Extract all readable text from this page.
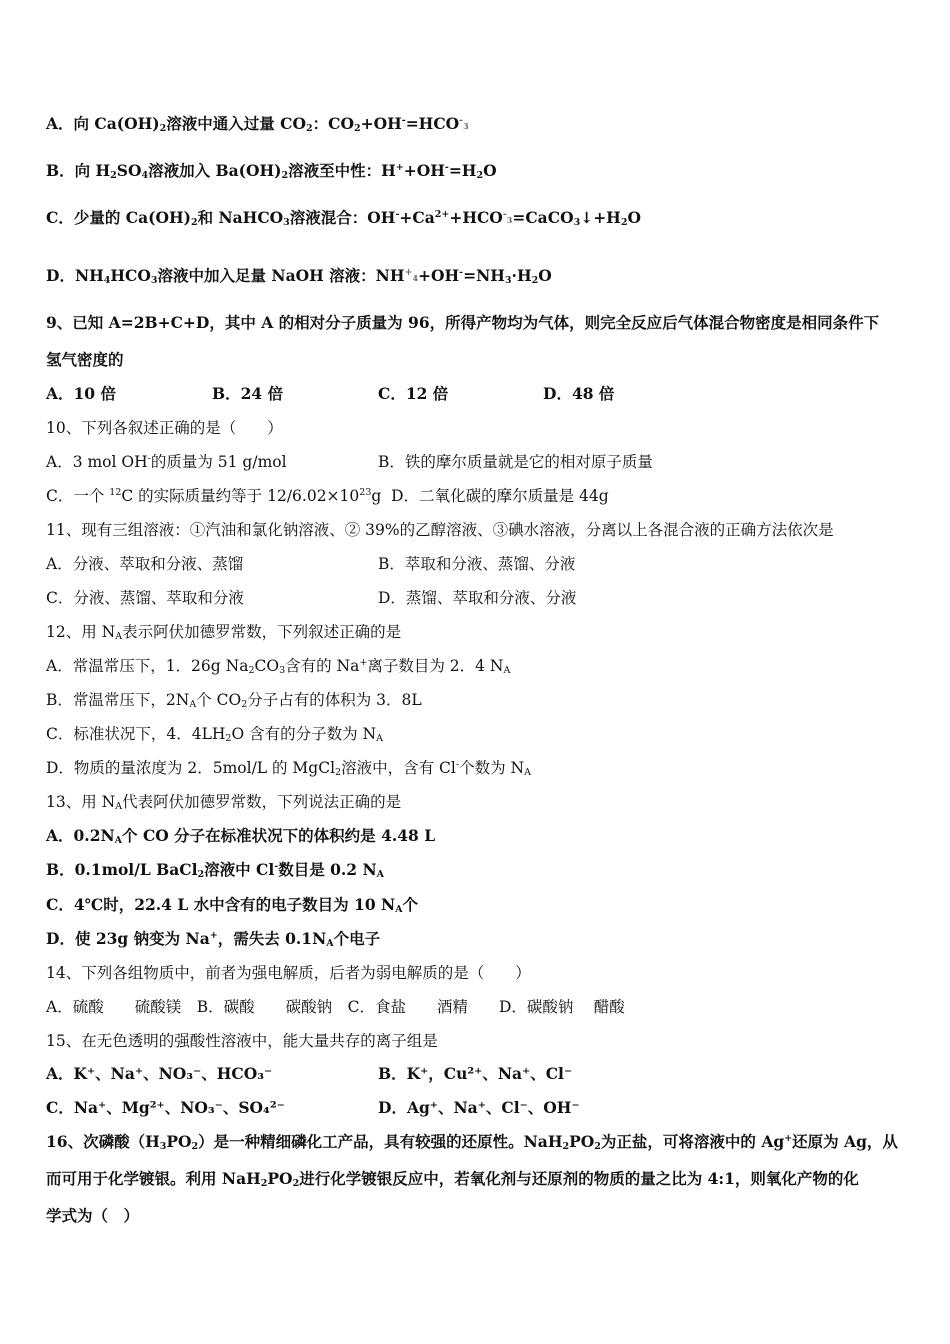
A．向 $Ca(OH)_2$溶液中通入过量 $CO_2$：$CO_2+OH^-=HCO^-3$
B．向 $H_2SO_4$溶液加入 $Ba(OH)_2$溶液至中性：$H^++OH^-=H_2O$
C．少量的 $Ca(OH)_2$和 NaHCO$_3$溶液混合：$OH^-+Ca^{2+}+HCO^-3=CaCO_3↓+H_2O$
D．$NH_4HCO_3$溶液中加入足量 NaOH 溶液：$NH^+4+OH^-=NH_3\cdot H_2O$
9、已知 A=2B+C+D，其中 A 的相对分子质量为 96，所得产物均为气体，则完全反应后气体混合物密度是相同条件下
氢气密度的
A．10 倍	B．24 倍	C．12 倍	D．48 倍
10、下列各叙述正确的是（　　）
A．3 mol OH-的质量为 51 g/mol	B．铁的摩尔质量就是它的相对原子质量
C．一个 $^{12}$C 的实际质量约等于 $12/6.02\times 10^{23}g$ D．二氧化碳的摩尔质量是 44g
11、现有三组溶液：①汽油和氯化钠溶液、② 39%的乙醇溶液、③碘水溶液，分离以上各混合液的正确方法依次是
A．分液、萃取和分液、蒸馏	B．萃取和分液、蒸馏、分液
C．分液、蒸馏、萃取和分液	D．蒸馏、萃取和分液、分液
12、用 $N_A$表示阿伏加德罗常数，下列叙述正确的是
A．常温常压下，1．26g $Na_2CO_3$含有的 Na+离子数目为 2．4 $N_A$
B．常温常压下，$2N_A$个 $CO_2$分子占有的体积为 3．8L
C．标准状况下，4．$4LH_2O$ 含有的分子数为 $N_A$
D．物质的量浓度为 2．5mol/L 的 MgCl$_2$溶液中，含有 Cl-个数为 $N_A$
13、用 $N_A$代表阿伏加德罗常数，下列说法正确的是
A．$0.2N_A$个 CO 分子在标准状况下的体积约是 4.48 L
B．0.1mol/L BaCl$_2$溶液中 Cl-数目是 0.2 $N_A$
C．4℃时，22.4 L 水中含有的电子数目为 10 $N_A$个
D．使 23g 钠变为 Na+，需失去 $0.1N_A$个电子
14、下列各组物质中，前者为强电解质，后者为弱电解质的是（　　）
A．硫酸　　硫酸镁　B．碳酸　　碳酸钠　C．食盐　　酒精　　D．碳酸钠　 醋酸
15、在无色透明的强酸性溶液中，能大量共存的离子组是
A．K⁺、Na⁺、NO₃⁻、HCO₃⁻	B．K⁺，Cu²⁺、Na⁺、Cl⁻
C．Na⁺、Mg²⁺、NO₃⁻、SO₄²⁻	D．Ag⁺、Na⁺、Cl⁻、OH⁻
16、次磷酸$(H_3PO_2)$是一种精细磷化工产品，具有较强的还原性。$NaH_2PO_2$为正盐，可将溶液中的 Ag+还原为 Ag，从
而可用于化学镀银。利用 $NaH_2PO_2$进行化学镀银反应中，若氧化剂与还原剂的物质的量之比为 4:1，则氧化产物的化
学式为（　）
